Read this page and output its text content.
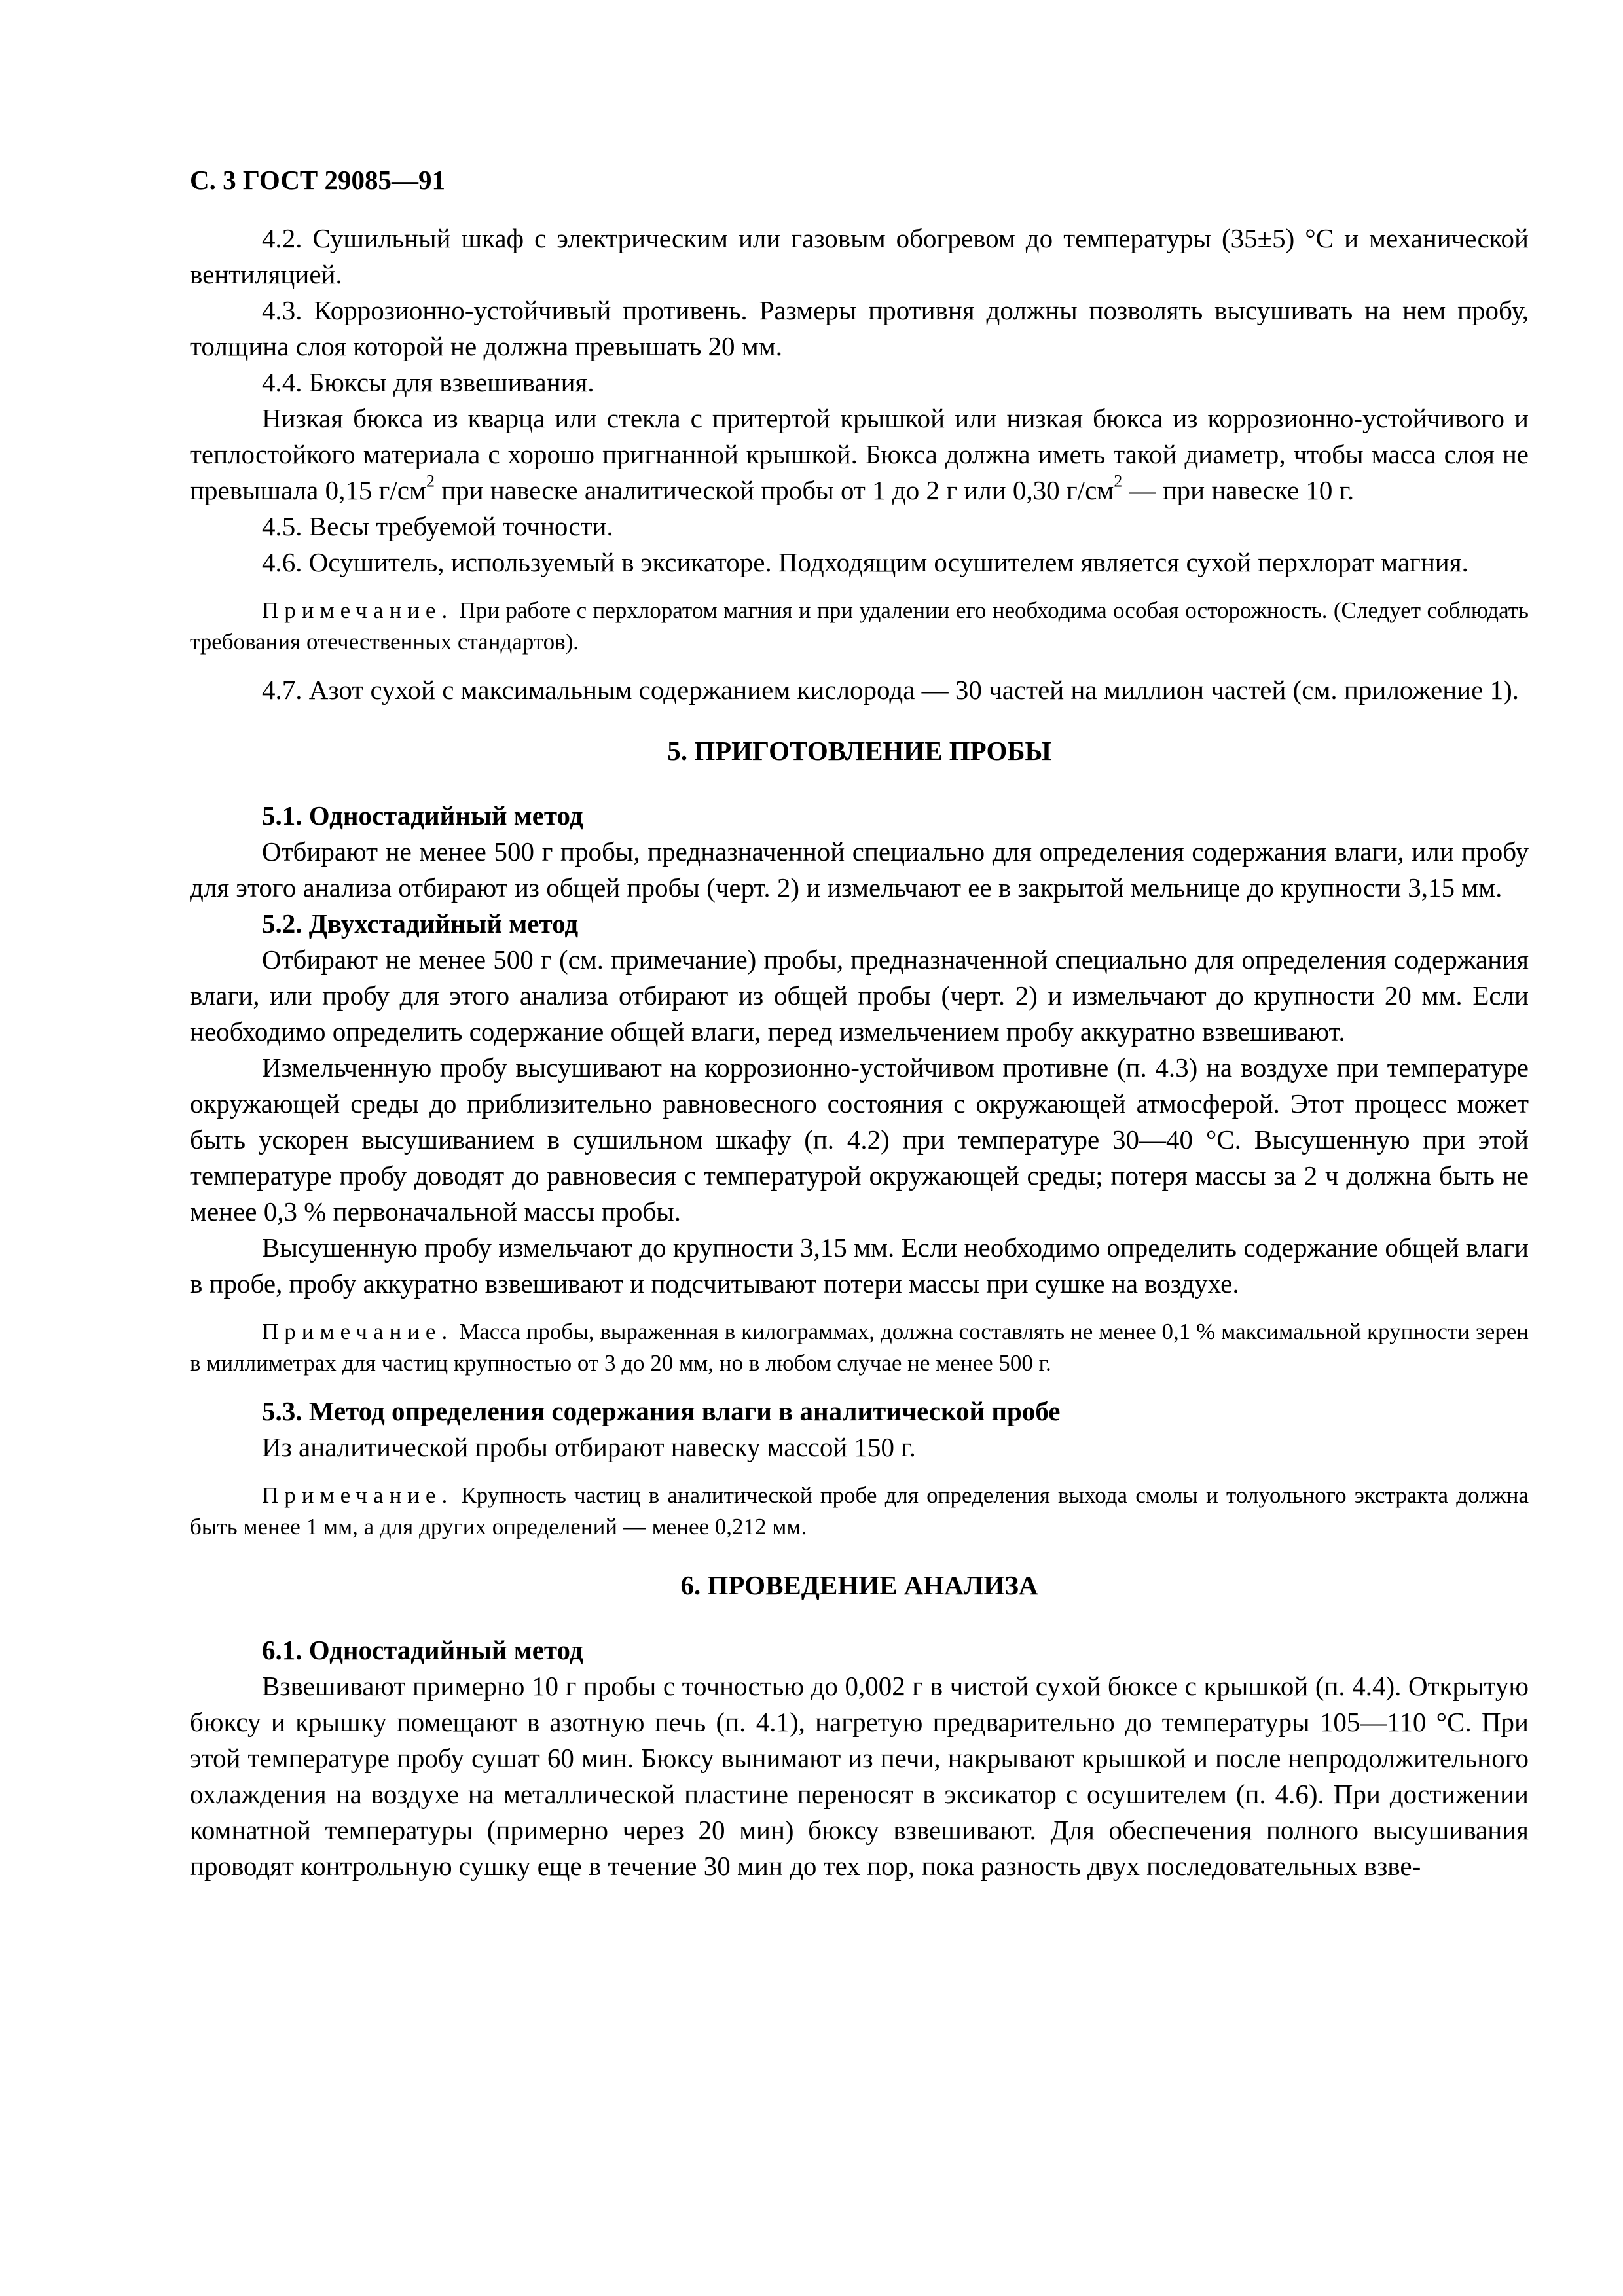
С. 3 ГОСТ 29085—91

4.2. Сушильный шкаф с электрическим или газовым обогревом до температуры (35±5) °С и механической вентиляцией.

4.3. Коррозионно-устойчивый противень. Размеры противня должны позволять высушивать на нем пробу, толщина слоя которой не должна превышать 20 мм.

4.4. Бюксы для взвешивания.

Низкая бюкса из кварца или стекла с притертой крышкой или низкая бюкса из коррозионно-устойчивого и теплостойкого материала с хорошо пригнанной крышкой. Бюкса должна иметь такой диаметр, чтобы масса слоя не превышала 0,15 $г/см^2$ при навеске аналитической пробы от 1 до 2 г или 0,30 $г/см^2$ — при навеске 10 г.

4.5. Весы требуемой точности.

4.6. Осушитель, используемый в эксикаторе. Подходящим осушителем является сухой перхлорат магния.

Примечание. При работе с перхлоратом магния и при удалении его необходима особая осторожность. (Следует соблюдать требования отечественных стандартов).

4.7. Азот сухой с максимальным содержанием кислорода — 30 частей на миллион частей (см. приложение 1).

5. ПРИГОТОВЛЕНИЕ ПРОБЫ

5.1. Одностадийный метод

Отбирают не менее 500 г пробы, предназначенной специально для определения содержания влаги, или пробу для этого анализа отбирают из общей пробы (черт. 2) и измельчают ее в закрытой мельнице до крупности 3,15 мм.

5.2. Двухстадийный метод

Отбирают не менее 500 г (см. примечание) пробы, предназначенной специально для определения содержания влаги, или пробу для этого анализа отбирают из общей пробы (черт. 2) и измельчают до крупности 20 мм. Если необходимо определить содержание общей влаги, перед измельчением пробу аккуратно взвешивают.

Измельченную пробу высушивают на коррозионно-устойчивом противне (п. 4.3) на воздухе при температуре окружающей среды до приблизительно равновесного состояния с окружающей атмосферой. Этот процесс может быть ускорен высушиванием в сушильном шкафу (п. 4.2) при температуре 30—40 °С. Высушенную при этой температуре пробу доводят до равновесия с температурой окружающей среды; потеря массы за 2 ч должна быть не менее 0,3 % первоначальной массы пробы.

Высушенную пробу измельчают до крупности 3,15 мм. Если необходимо определить содержание общей влаги в пробе, пробу аккуратно взвешивают и подсчитывают потери массы при сушке на воздухе.

Примечание. Масса пробы, выраженная в килограммах, должна составлять не менее 0,1 % максимальной крупности зерен в миллиметрах для частиц крупностью от 3 до 20 мм, но в любом случае не менее 500 г.

5.3. Метод определения содержания влаги в аналитической пробе

Из аналитической пробы отбирают навеску массой 150 г.

Примечание. Крупность частиц в аналитической пробе для определения выхода смолы и толуольного экстракта должна быть менее 1 мм, а для других определений — менее 0,212 мм.

6. ПРОВЕДЕНИЕ АНАЛИЗА

6.1. Одностадийный метод

Взвешивают примерно 10 г пробы с точностью до 0,002 г в чистой сухой бюксе с крышкой (п. 4.4). Открытую бюксу и крышку помещают в азотную печь (п. 4.1), нагретую предварительно до температуры 105—110 °С. При этой температуре пробу сушат 60 мин. Бюксу вынимают из печи, накрывают крышкой и после непродолжительного охлаждения на воздухе на металлической пластине переносят в эксикатор с осушителем (п. 4.6). При достижении комнатной температуры (примерно через 20 мин) бюксу взвешивают. Для обеспечения полного высушивания проводят контрольную сушку еще в течение 30 мин до тех пор, пока разность двух последовательных взве-
